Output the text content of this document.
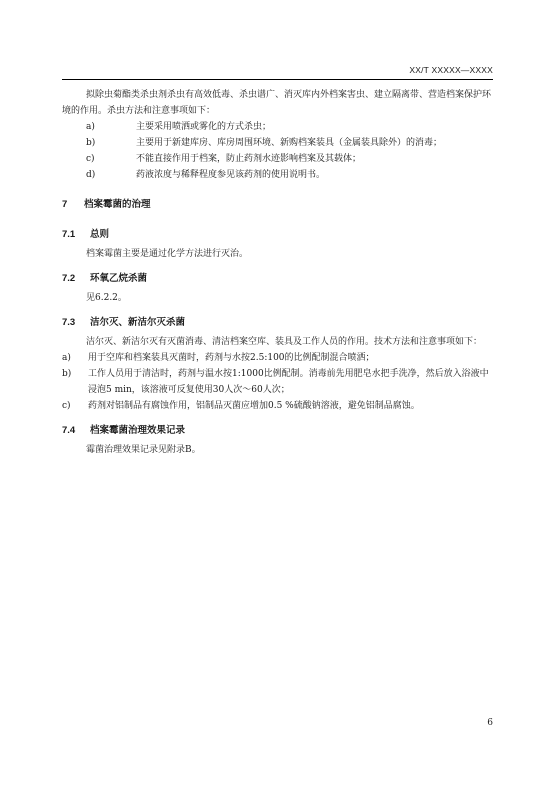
XX/T XXXXX—XXXX

拟除虫菊酯类杀虫剂杀虫有高效低毒、杀虫谱广、消灭库内外档案害虫、建立隔离带、营造档案保护环境的作用。杀虫方法和注意事项如下：

a)	主要采用喷洒或雾化的方式杀虫；
b)	主要用于新建库房、库房周围环境、新购档案装具（金属装具除外）的消毒；
c)	不能直接作用于档案，防止药剂水迹影响档案及其载体；
d)	药液浓度与稀释程度参见该药剂的使用说明书。
7	档案霉菌的治理
7.1	总则

档案霉菌主要是通过化学方法进行灭治。

7.2	环氧乙烷杀菌

见6.2.2。

7.3	洁尔灭、新洁尔灭杀菌

洁尔灭、新洁尔灭有灭菌消毒、清洁档案空库、装具及工作人员的作用。技术方法和注意事项如下：

a)	用于空库和档案装具灭菌时，药剂与水按2.5:100的比例配制混合喷洒；
b)	工作人员用于清洁时，药剂与温水按1:1000比例配制。消毒前先用肥皂水把手洗净，然后放入浴液中浸泡5 min，该溶液可反复使用30人次～60人次；
c)	药剂对铝制品有腐蚀作用，铝制品灭菌应增加0.5 %硫酸钠溶液，避免铝制品腐蚀。
7.4	档案霉菌治理效果记录

霉菌治理效果记录见附录B。

6
